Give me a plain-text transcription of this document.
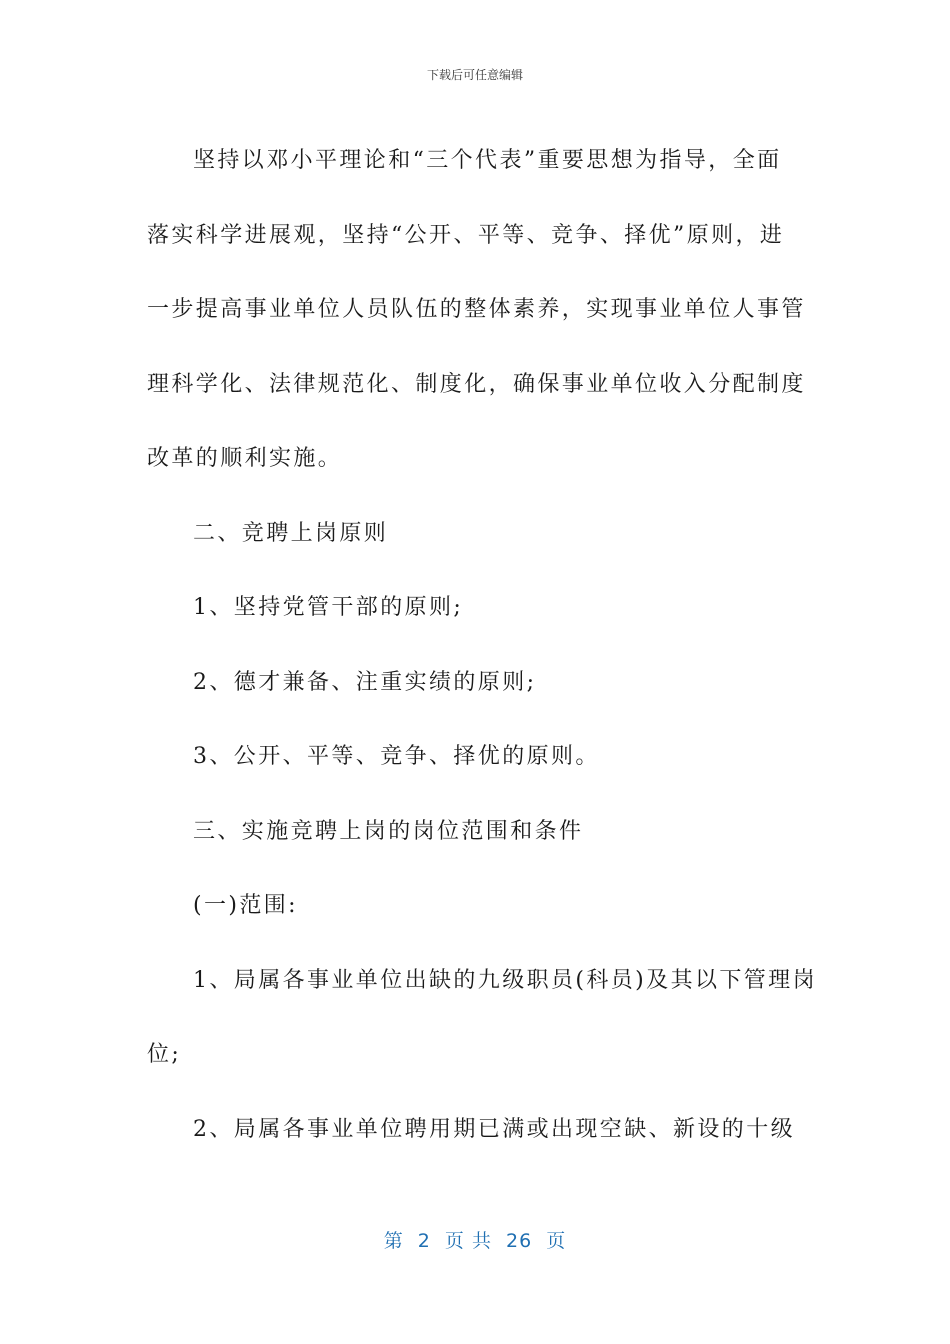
下载后可任意编辑
坚持以邓小平理论和“三个代表”重要思想为指导，全面
落实科学进展观，坚持“公开、平等、竞争、择优”原则，进
一步提高事业单位人员队伍的整体素养，实现事业单位人事管
理科学化、法律规范化、制度化，确保事业单位收入分配制度
改革的顺利实施。
二、竞聘上岗原则
1、坚持党管干部的原则;
2、德才兼备、注重实绩的原则;
3、公开、平等、竞争、择优的原则。
三、实施竞聘上岗的岗位范围和条件
(一)范围:
1、局属各事业单位出缺的九级职员(科员)及其以下管理岗
位;
2、局属各事业单位聘用期已满或出现空缺、新设的十级
第  2  页 共  26  页
